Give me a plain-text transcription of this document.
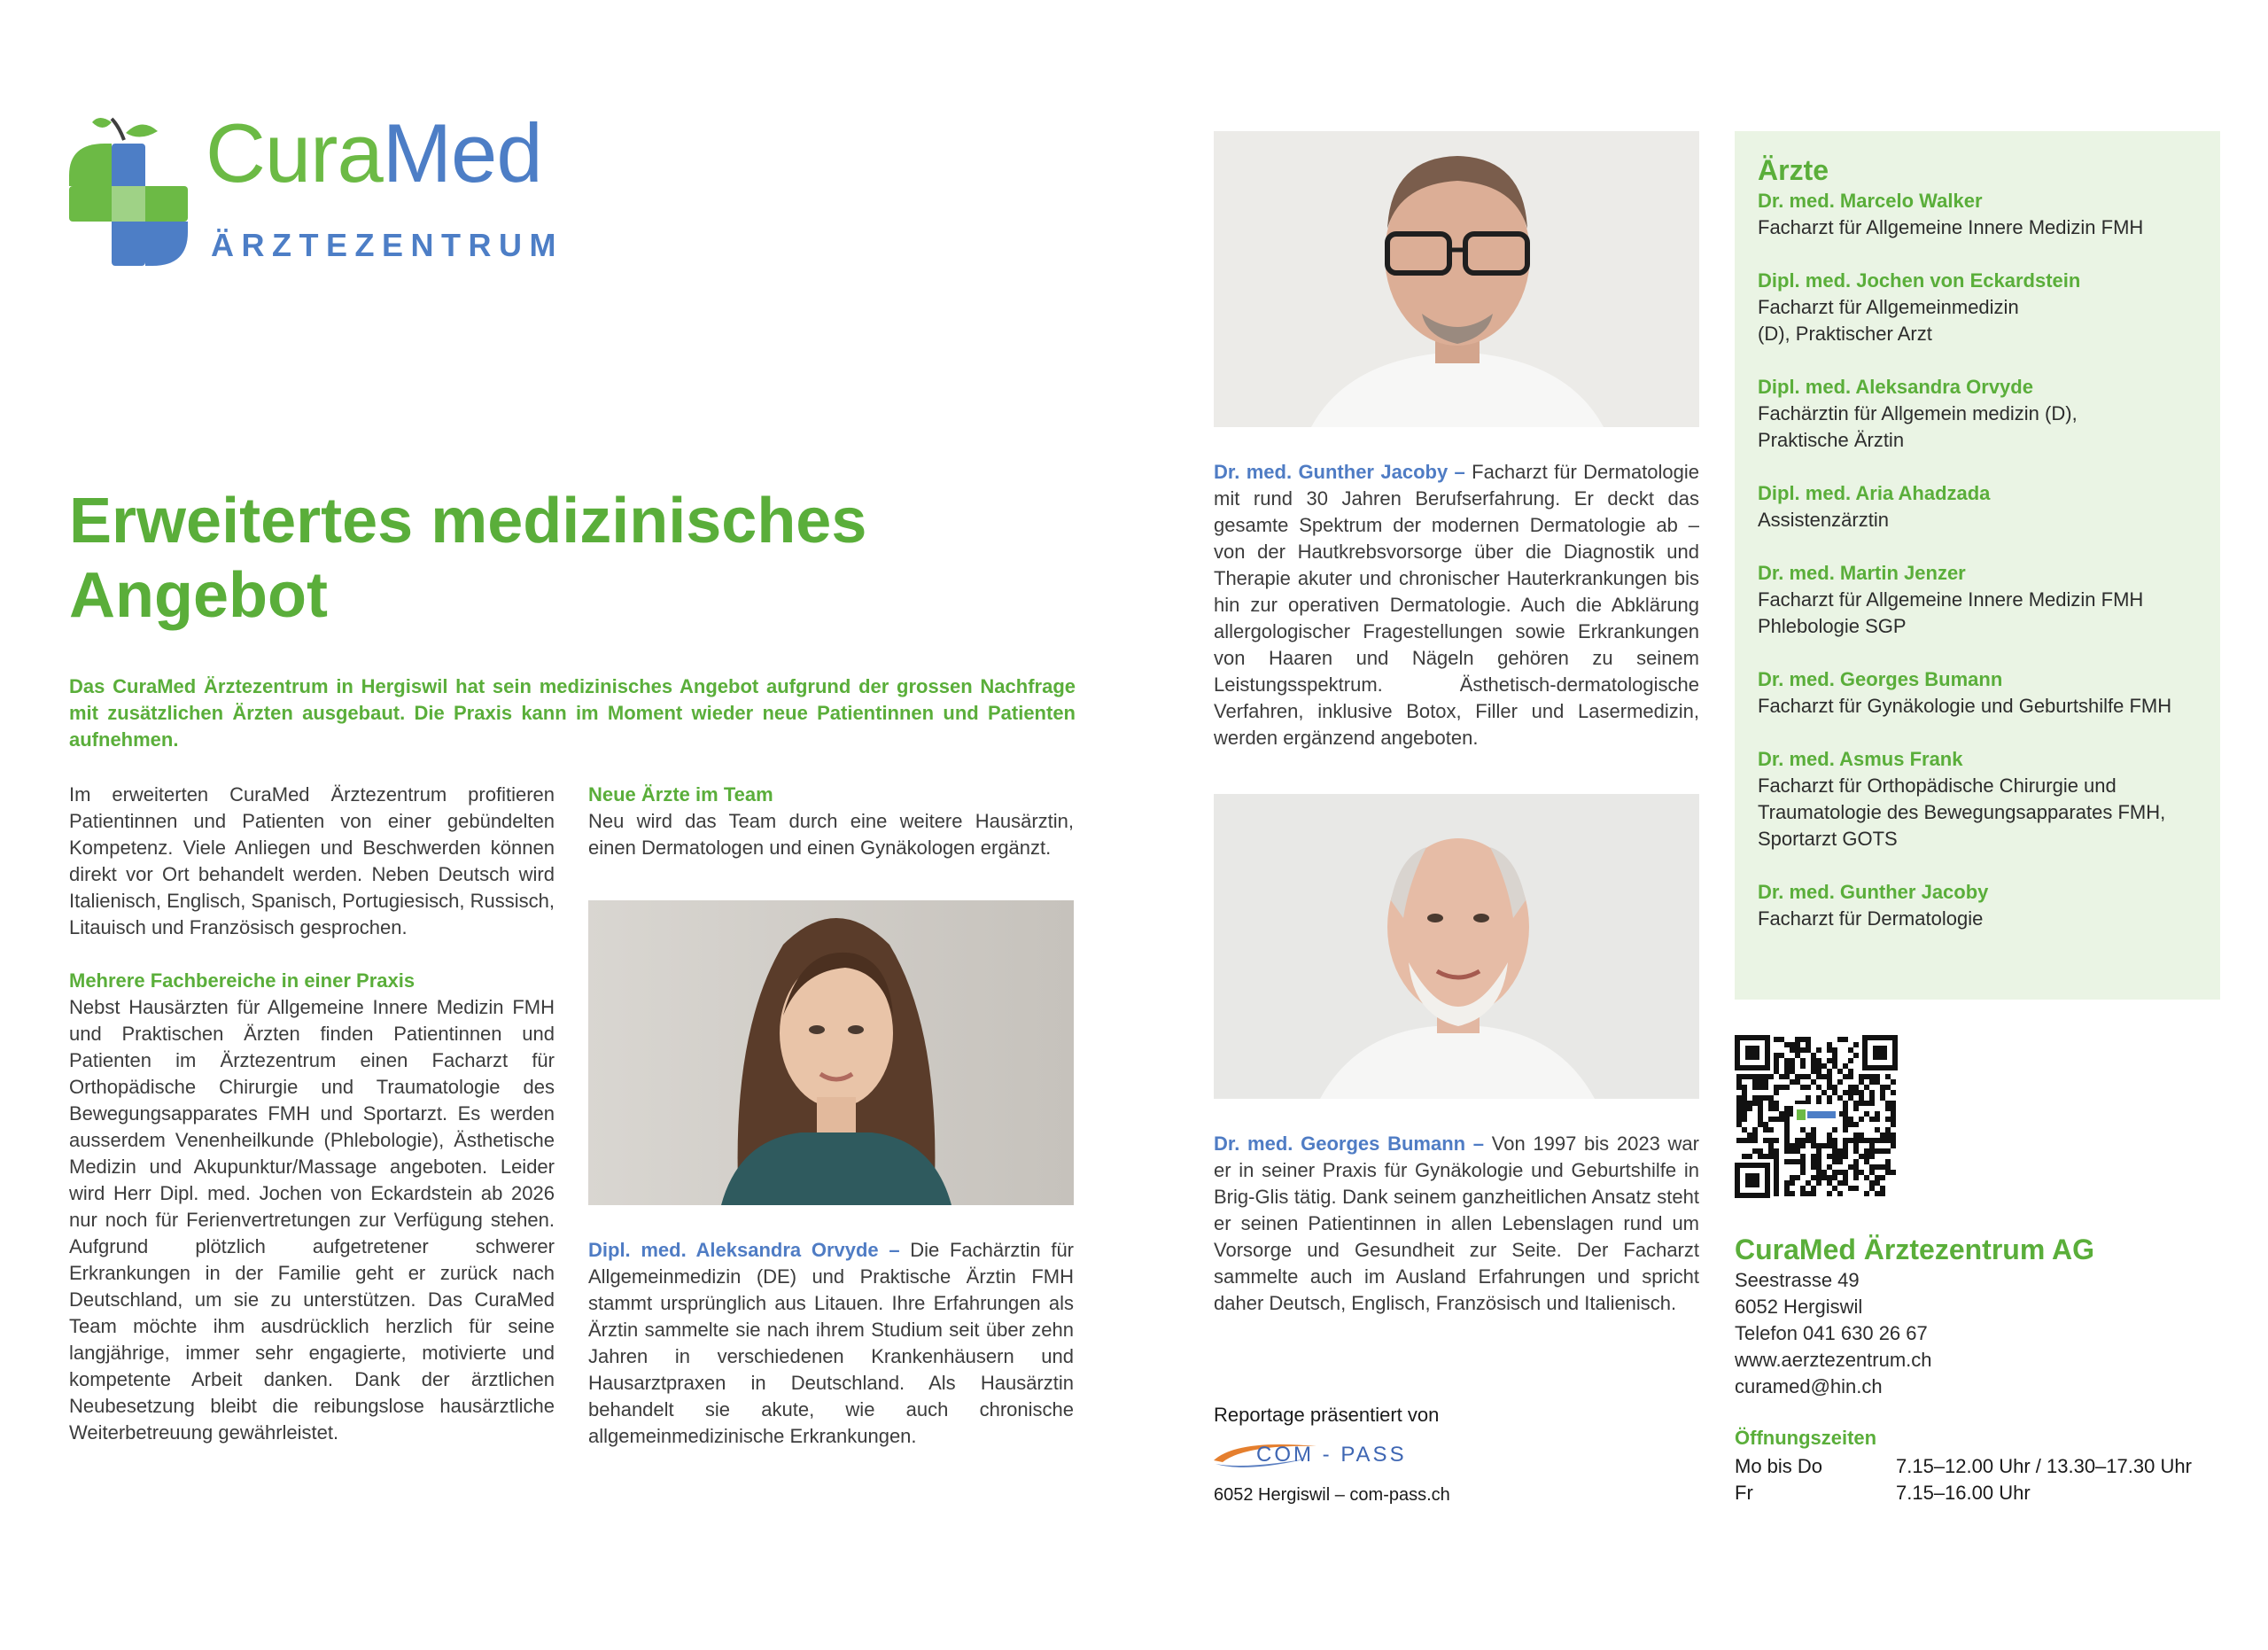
CuraMed
ÄRZTEZENTRUM
Erweitertes medizinisches Angebot

Das CuraMed Ärztezentrum in Hergiswil hat sein medizinisches Angebot aufgrund der grossen Nachfrage mit zusätzlichen Ärzten ausgebaut. Die Praxis kann im Moment wieder neue Patientinnen und Patienten aufnehmen.

Im erweiterten CuraMed Ärztezentrum profitieren Patientinnen und Patienten von einer gebündelten Kompetenz. Viele Anliegen und Beschwerden können direkt vor Ort behandelt werden. Neben Deutsch wird Italienisch, Englisch, Spanisch, Portugiesisch, Russisch, Litauisch und Französisch gesprochen.

Mehrere Fachbereiche in einer Praxis

Nebst Hausärzten für Allgemeine Innere Medizin FMH und Praktischen Ärzten finden Patientinnen und Patienten im Ärztezentrum einen Facharzt für Orthopädische Chirurgie und Traumatologie des Bewegungsapparates FMH und Sportarzt. Es werden ausserdem Venenheilkunde (Phlebologie), Ästhetische Medizin und Akupunktur/Massage angeboten. Leider wird Herr Dipl. med. Jochen von Eckardstein ab 2026 nur noch für Ferienvertretungen zur Verfügung stehen. Aufgrund plötzlich aufgetretener schwerer Erkrankungen in der Familie geht er zurück nach Deutschland, um sie zu unterstützen. Das CuraMed Team möchte ihm ausdrücklich herzlich für seine langjährige, immer sehr engagierte, motivierte und kompetente Arbeit danken. Dank der ärztlichen Neubesetzung bleibt die reibungslose hausärztliche Weiterbetreuung gewährleistet.

Neue Ärzte im Team

Neu wird das Team durch eine weitere Hausärztin, einen Dermatologen und einen Gynäkologen ergänzt.

Dipl. med. Aleksandra Orvyde – Die Fachärztin für Allgemeinmedizin (DE) und Praktische Ärztin FMH stammt ursprünglich aus Litauen. Ihre Erfahrungen als Ärztin sammelte sie nach ihrem Studium seit über zehn Jahren in verschiedenen Krankenhäusern und Hausarztpraxen in Deutschland. Als Hausärztin behandelt sie akute, wie auch chronische allgemeinmedizinische Erkrankungen.

Dr. med. Gunther Jacoby – Facharzt für Dermatologie mit rund 30 Jahren Berufserfahrung. Er deckt das gesamte Spektrum der modernen Dermatologie ab – von der Hautkrebsvorsorge über die Diagnostik und Therapie akuter und chronischer Hauterkrankungen bis hin zur operativen Dermatologie. Auch die Abklärung allergologischer Fragestellungen sowie Erkrankungen von Haaren und Nägeln gehören zu seinem Leistungsspektrum. Ästhetisch-dermatologische Verfahren, inklusive Botox, Filler und Lasermedizin, werden ergänzend angeboten.

Dr. med. Georges Bumann – Von 1997 bis 2023 war er in seiner Praxis für Gynäkologie und Geburtshilfe in Brig-Glis tätig. Dank seinem ganzheitlichen Ansatz steht er seinen Patientinnen in allen Lebenslagen rund um Vorsorge und Gesundheit zur Seite. Der Facharzt sammelte auch im Ausland Erfahrungen und spricht daher Deutsch, Englisch, Französisch und Italienisch.

Reportage präsentiert von
COM - PASS
6052 Hergiswil – com-pass.ch
Ärzte
Dr. med. Marcelo Walker
Facharzt für Allgemeine Innere Medizin FMH
Dipl. med. Jochen von Eckardstein
Facharzt für Allgemeinmedizin (D), Praktischer Arzt
Dipl. med. Aleksandra Orvyde
Fachärztin für Allgemein medizin (D), Praktische Ärztin
Dipl. med. Aria Ahadzada
Assistenzärztin
Dr. med. Martin Jenzer
Facharzt für Allgemeine Innere Medizin FMH Phlebologie SGP
Dr. med. Georges Bumann
Facharzt für Gynäkologie und Geburtshilfe FMH
Dr. med. Asmus Frank
Facharzt für Orthopädische Chirurgie und Traumatologie des Bewegungsapparates FMH, Sportarzt GOTS
Dr. med. Gunther Jacoby
Facharzt für Dermatologie
CuraMed Ärztezentrum AG
Seestrasse 49
6052 Hergiswil
Telefon 041 630 26 67
www.aerztezentrum.ch
curamed@hin.ch
Öffnungszeiten
Mo bis Do	7.15–12.00 Uhr / 13.30–17.30 Uhr
Fr	7.15–16.00 Uhr
